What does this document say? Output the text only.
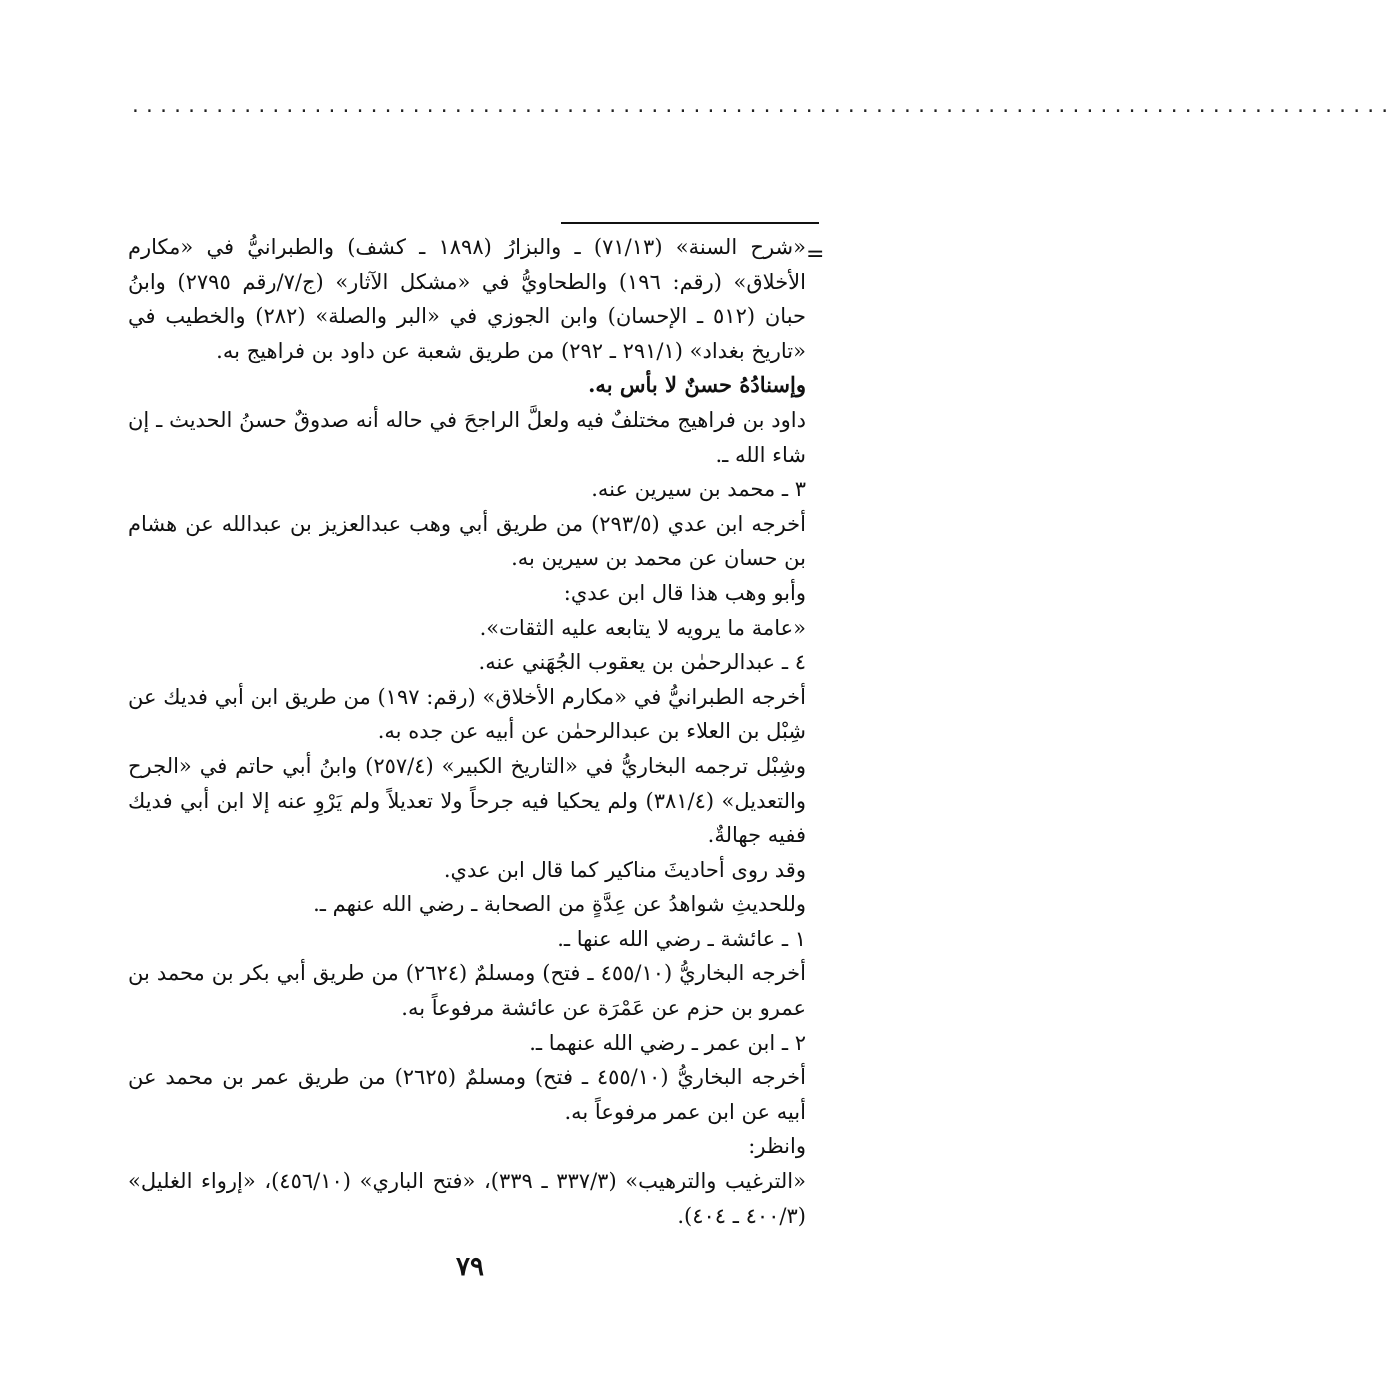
..........................................................................................
=

«شرح السنة» (٧١/١٣) ـ والبزارُ (١٨٩٨ ـ كشف) والطبرانيُّ في «مكارم الأخلاق» (رقم: ١٩٦) والطحاويُّ في «مشكل الآثار» (ج/٧/رقم ٢٧٩٥) وابنُ حبان (٥١٢ ـ الإحسان) وابن الجوزي في «البر والصلة» (٢٨٢) والخطيب في «تاريخ بغداد» (٢٩١/١ ـ ٢٩٢) من طريق شعبة عن داود بن فراهيج به.

وإسنادُهُ حسنٌ لا بأس به.

داود بن فراهيج مختلفٌ فيه ولعلَّ الراجحَ في حاله أنه صدوقٌ حسنُ الحديث ـ إن شاء الله ـ.

٣ ـ محمد بن سيرين عنه.

أخرجه ابن عدي (٢٩٣/٥) من طريق أبي وهب عبدالعزيز بن عبدالله عن هشام بن حسان عن محمد بن سيرين به.

وأبو وهب هذا قال ابن عدي:

«عامة ما يرويه لا يتابعه عليه الثقات».

٤ ـ عبدالرحمٰن بن يعقوب الجُهَني عنه.

أخرجه الطبرانيُّ في «مكارم الأخلاق» (رقم: ١٩٧) من طريق ابن أبي فديك عن شِبْل بن العلاء بن عبدالرحمٰن عن أبيه عن جده به.

وشِبْل ترجمه البخاريُّ في «التاريخ الكبير» (٢٥٧/٤) وابنُ أبي حاتم في «الجرح والتعديل» (٣٨١/٤) ولم يحكيا فيه جرحاً ولا تعديلاً ولم يَرْوِ عنه إلا ابن أبي فديك ففيه جهالةٌ.

وقد روى أحاديثَ مناكير كما قال ابن عدي.

وللحديثِ شواهدُ عن عِدَّةٍ من الصحابة ـ رضي الله عنهم ـ.

١ ـ عائشة ـ رضي الله عنها ـ.

أخرجه البخاريُّ (٤٥٥/١٠ ـ فتح) ومسلمٌ (٢٦٢٤) من طريق أبي بكر بن محمد بن عمرو بن حزم عن عَمْرَة عن عائشة مرفوعاً به.

٢ ـ ابن عمر ـ رضي الله عنهما ـ.

أخرجه البخاريُّ (٤٥٥/١٠ ـ فتح) ومسلمٌ (٢٦٢٥) من طريق عمر بن محمد عن أبيه عن ابن عمر مرفوعاً به.

وانظر:

«الترغيب والترهيب» (٣٣٧/٣ ـ ٣٣٩)، «فتح الباري» (٤٥٦/١٠)، «إرواء الغليل» (٤٠٠/٣ ـ ٤٠٤).

٧٩
